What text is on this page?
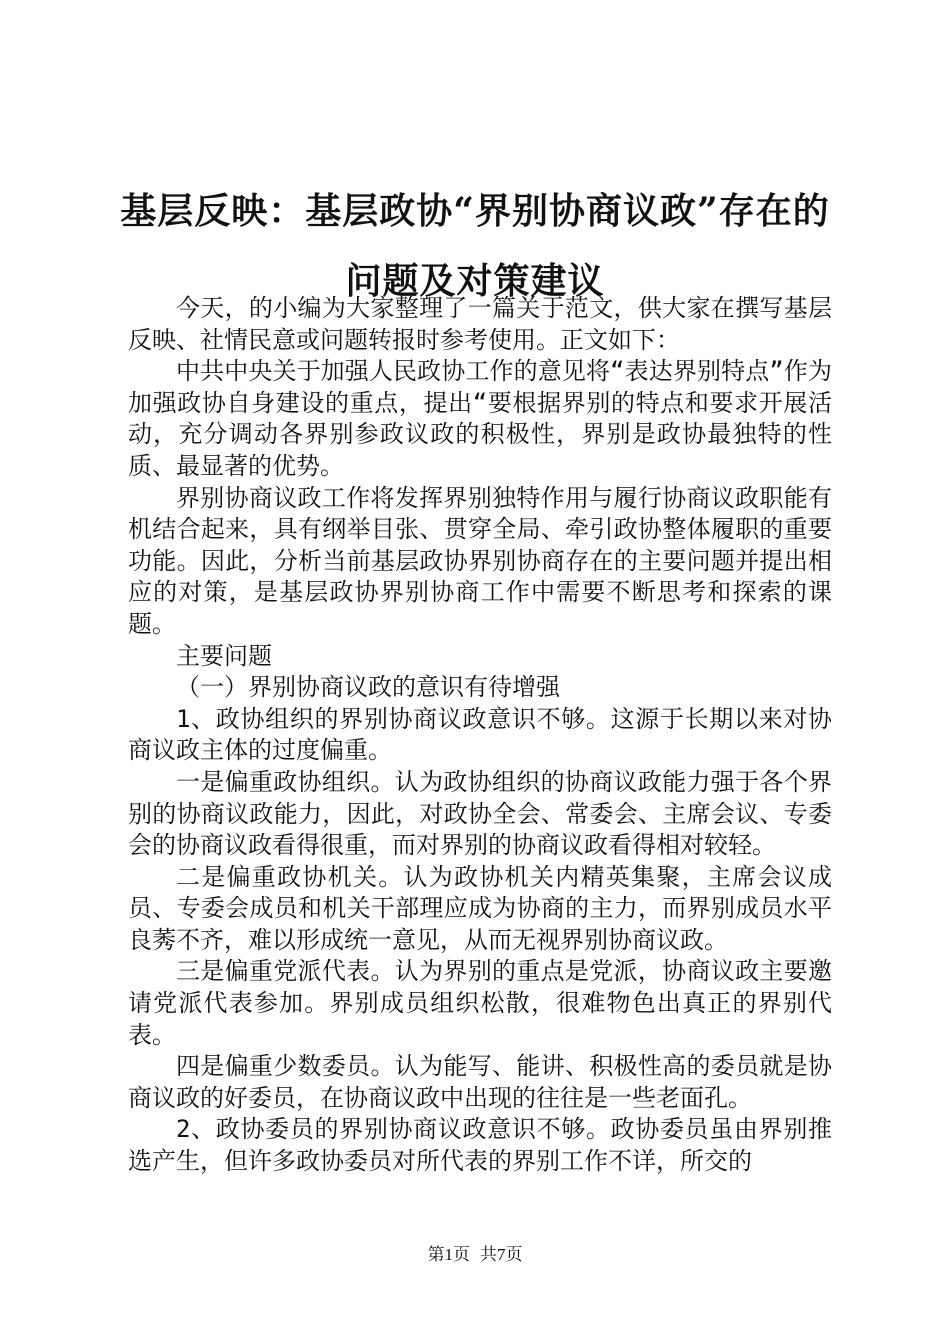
基层反映：基层政协“界别协商议政”存在的问题及对策建议

今天，的小编为大家整理了一篇关于范文，供大家在撰写基层反映、社情民意或问题转报时参考使用。正文如下：

中共中央关于加强人民政协工作的意见将“表达界别特点”作为加强政协自身建设的重点，提出“要根据界别的特点和要求开展活动，充分调动各界别参政议政的积极性，界别是政协最独特的性质、最显著的优势。

界别协商议政工作将发挥界别独特作用与履行协商议政职能有机结合起来，具有纲举目张、贯穿全局、牵引政协整体履职的重要功能。因此，分析当前基层政协界别协商存在的主要问题并提出相应的对策，是基层政协界别协商工作中需要不断思考和探索的课题。

主要问题

（一）界别协商议政的意识有待增强

1、政协组织的界别协商议政意识不够。这源于长期以来对协商议政主体的过度偏重。

一是偏重政协组织。认为政协组织的协商议政能力强于各个界别的协商议政能力，因此，对政协全会、常委会、主席会议、专委会的协商议政看得很重，而对界别的协商议政看得相对较轻。

二是偏重政协机关。认为政协机关内精英集聚，主席会议成员、专委会成员和机关干部理应成为协商的主力，而界别成员水平良莠不齐，难以形成统一意见，从而无视界别协商议政。

三是偏重党派代表。认为界别的重点是党派，协商议政主要邀请党派代表参加。界别成员组织松散，很难物色出真正的界别代表。

四是偏重少数委员。认为能写、能讲、积极性高的委员就是协商议政的好委员，在协商议政中出现的往往是一些老面孔。

2、政协委员的界别协商议政意识不够。政协委员虽由界别推选产生，但许多政协委员对所代表的界别工作不详，所交的

第1页 共7页
